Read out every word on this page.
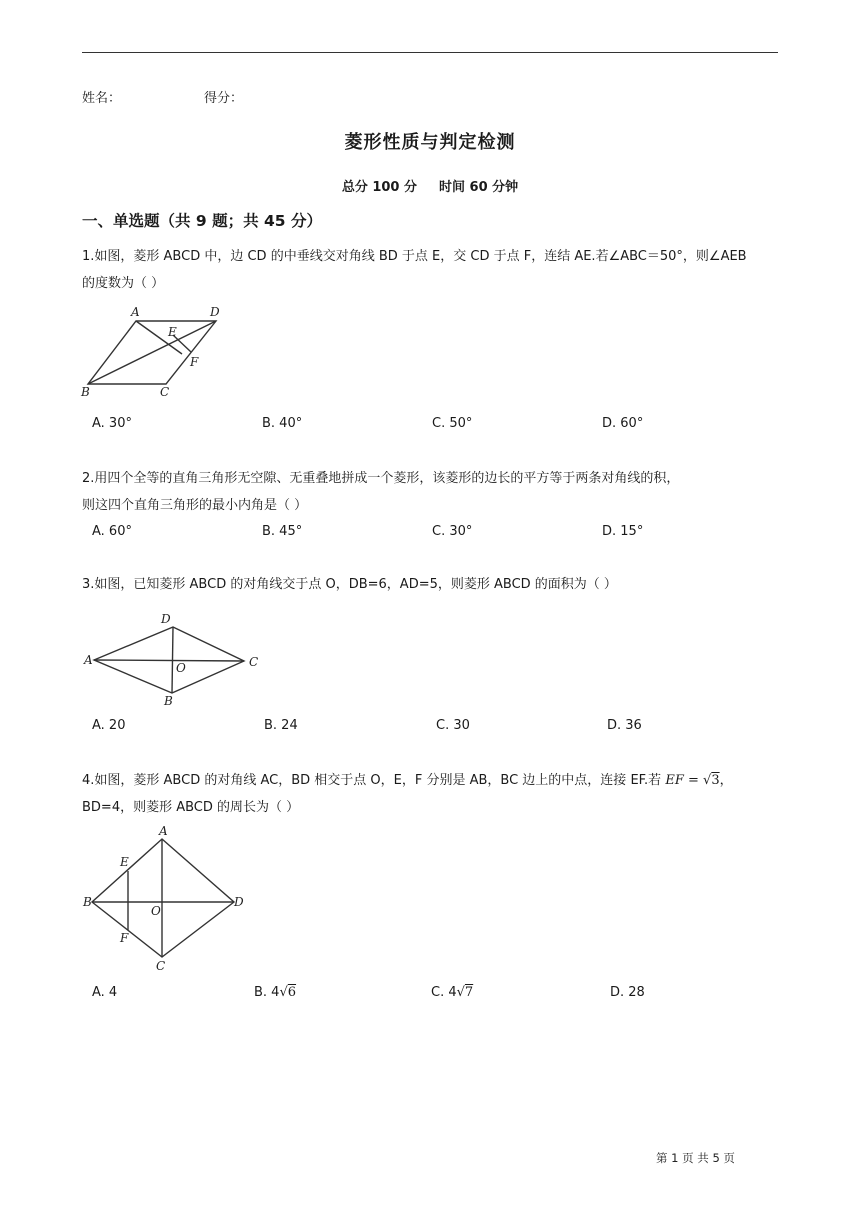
姓名：	得分：
菱形性质与判定检测
总分 100 分 时间 60 分钟
一、单选题（共 9 题；共 45 分）
1.如图，菱形 ABCD 中，边 CD 的中垂线交对角线 BD 于点 E，交 CD 于点 F，连结 AE.若∠ABC＝50°，则∠AEB
的度数为（ ）
A	D
E
F
B	C
A. 30°	B. 40°	C. 50°	D. 60°
2.用四个全等的直角三角形无空隙、无重叠地拼成一个菱形，该菱形的边长的平方等于两条对角线的积，
则这四个直角三角形的最小内角是（ ）
A. 60°	B. 45°	C. 30°	D. 15°
3.如图，已知菱形 ABCD 的对角线交于点 O，DB=6，AD=5，则菱形 ABCD 的面积为（ ）
A
D
C
B
O
A. 20	B. 24	C. 30	D. 36
4.如图，菱形 ABCD 的对角线 AC，BD 相交于点 O，E，F 分别是 AB，BC 边上的中点，连接 EF.若 EF = √3，
BD=4，则菱形 ABCD 的周长为（ ）
A
E
B
O
D
F
C
A. 4	B. 4√6	C. 4√7	D. 28
第 1 页 共 5 页
